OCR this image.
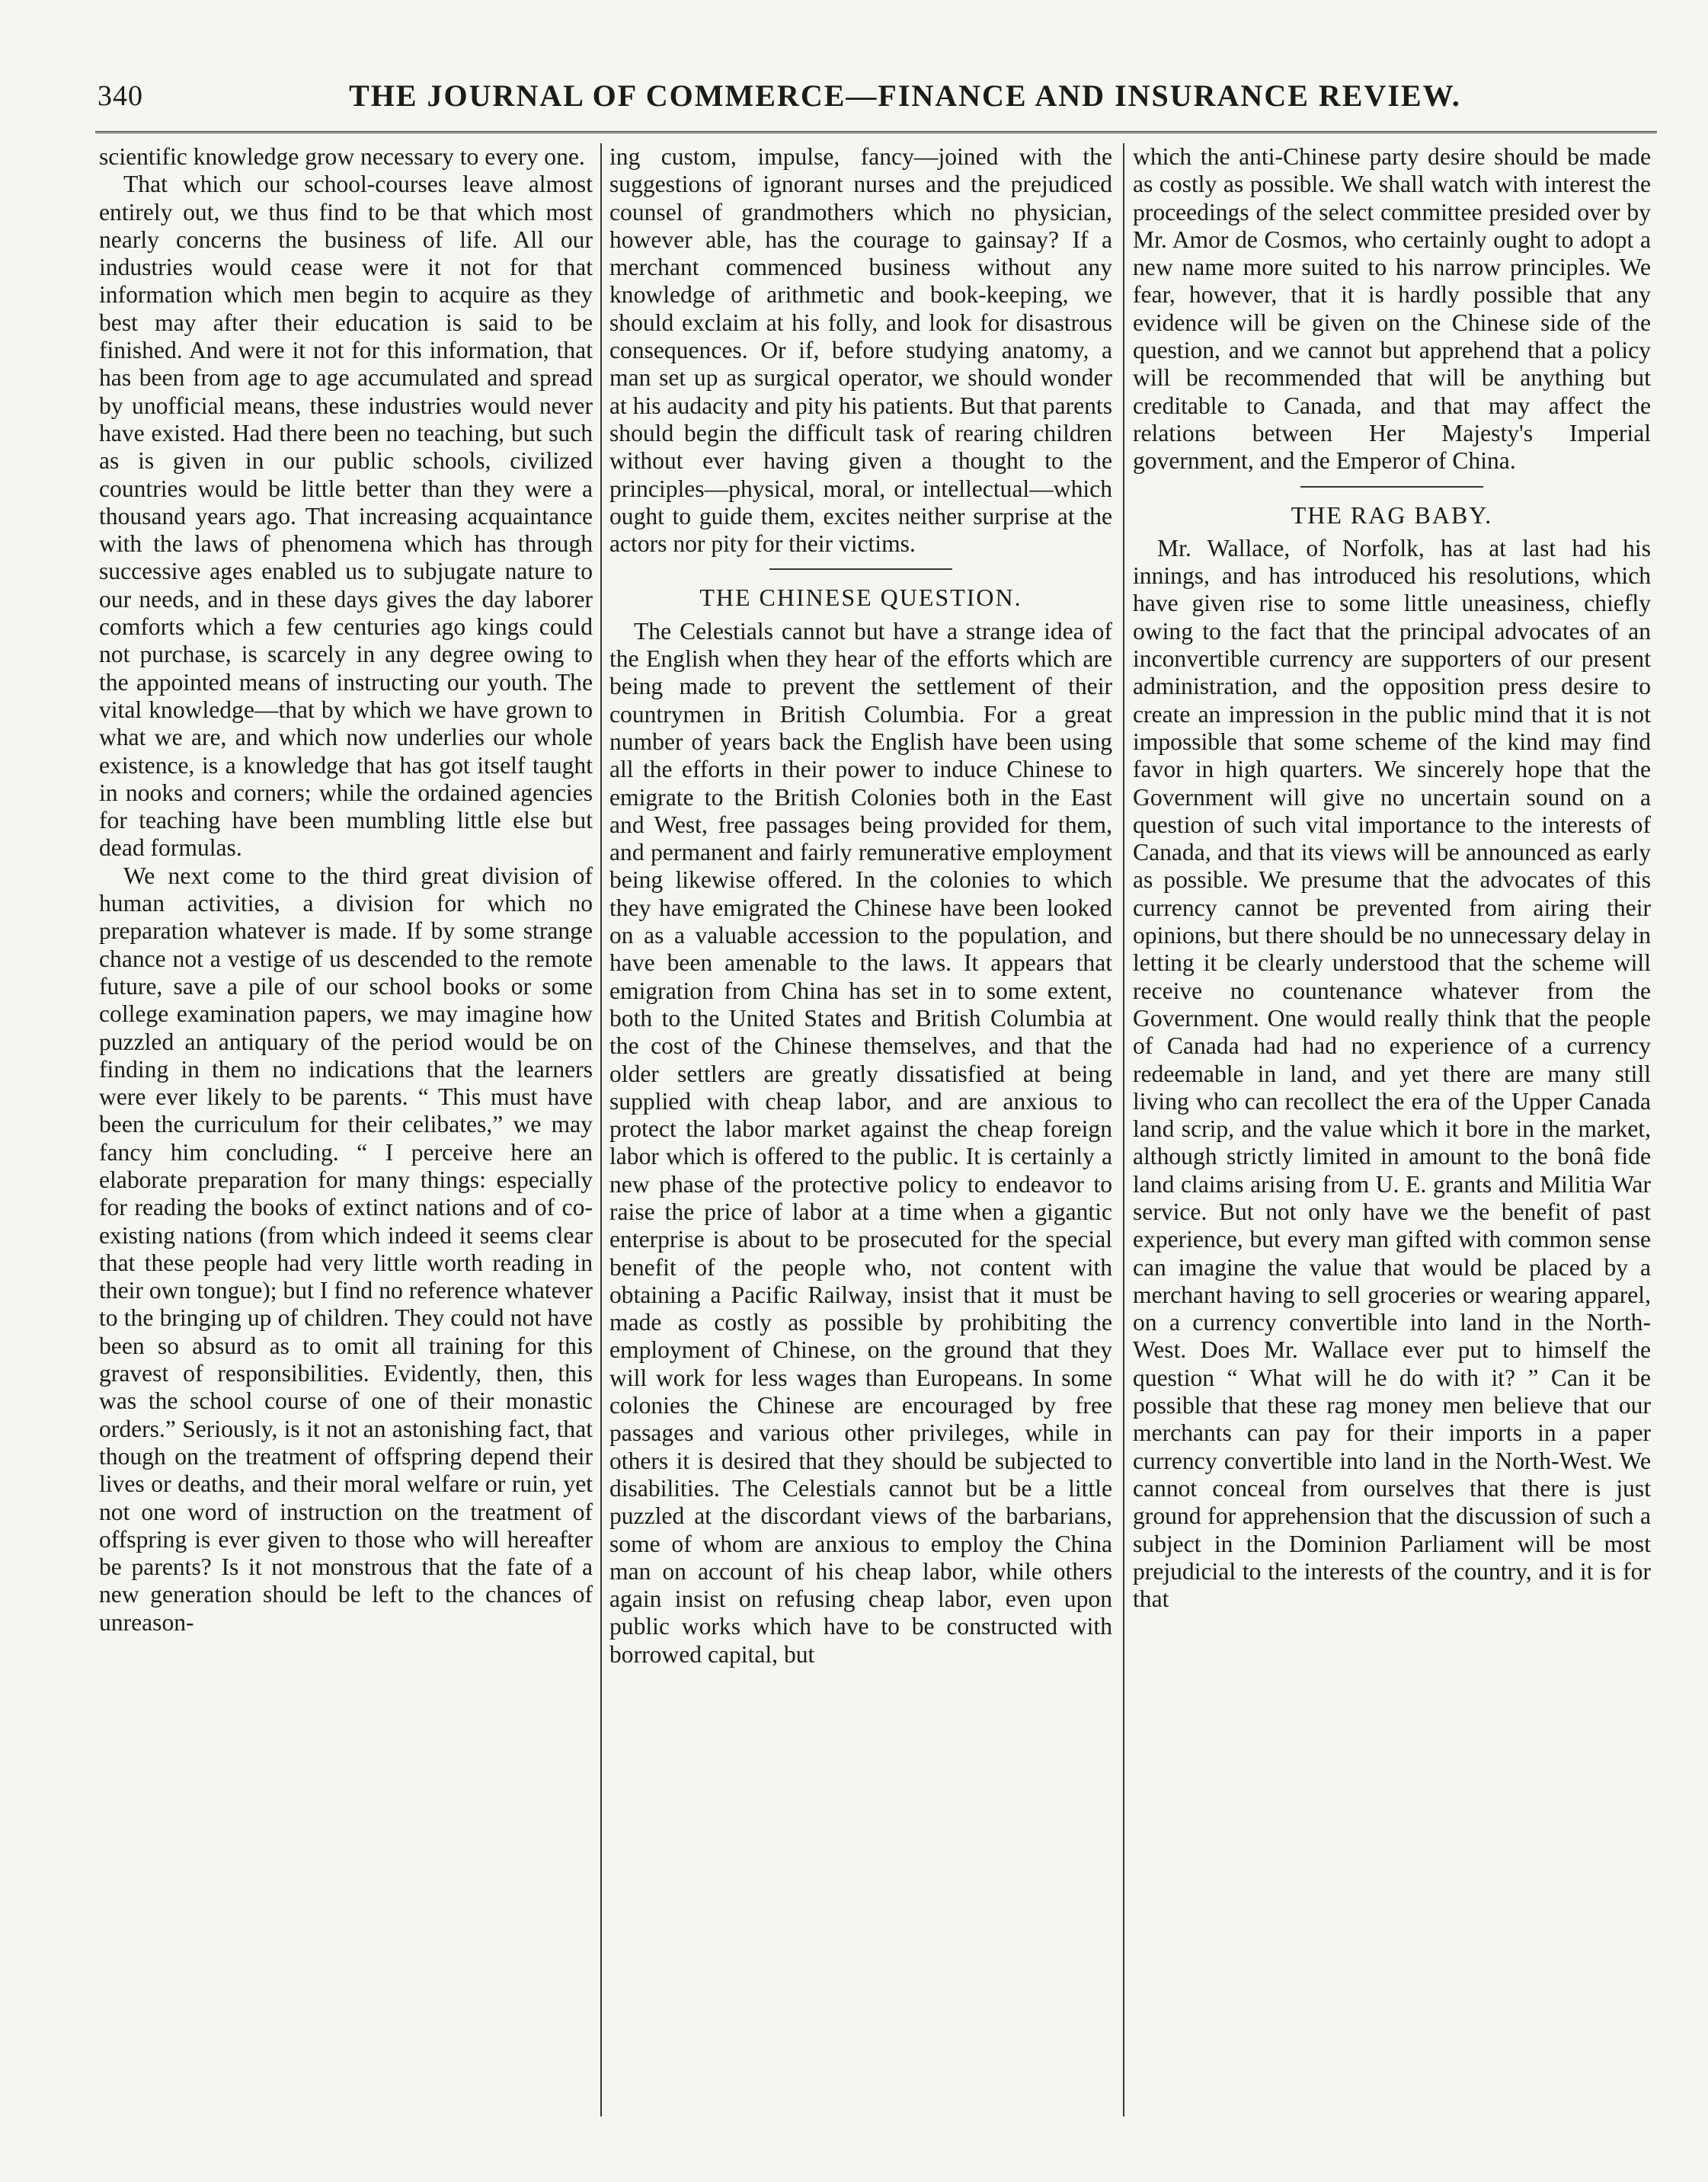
340	THE JOURNAL OF COMMERCE—FINANCE AND INSURANCE REVIEW.

scientific knowledge grow necessary to every one.

That which our school-courses leave almost entirely out, we thus find to be that which most nearly concerns the business of life. All our industries would cease were it not for that information which men begin to acquire as they best may after their education is said to be finished. And were it not for this information, that has been from age to age accumulated and spread by unofficial means, these industries would never have existed. Had there been no teaching, but such as is given in our public schools, civilized countries would be little better than they were a thousand years ago. That increasing acquaintance with the laws of phenomena which has through successive ages enabled us to subjugate nature to our needs, and in these days gives the day laborer comforts which a few centuries ago kings could not purchase, is scarcely in any degree owing to the appointed means of instructing our youth. The vital knowledge—that by which we have grown to what we are, and which now underlies our whole existence, is a knowledge that has got itself taught in nooks and corners; while the ordained agencies for teaching have been mumbling little else but dead formulas.

We next come to the third great division of human activities, a division for which no preparation whatever is made. If by some strange chance not a vestige of us descended to the remote future, save a pile of our school books or some college examination papers, we may imagine how puzzled an antiquary of the period would be on finding in them no indications that the learners were ever likely to be parents. “ This must have been the curriculum for their celibates,” we may fancy him concluding. “ I perceive here an elaborate preparation for many things: especially for reading the books of extinct nations and of co-existing nations (from which indeed it seems clear that these people had very little worth reading in their own tongue); but I find no reference whatever to the bringing up of children. They could not have been so absurd as to omit all training for this gravest of responsibilities. Evidently, then, this was the school course of one of their monastic orders.” Seriously, is it not an astonishing fact, that though on the treatment of offspring depend their lives or deaths, and their moral welfare or ruin, yet not one word of instruction on the treatment of offspring is ever given to those who will hereafter be parents? Is it not monstrous that the fate of a new generation should be left to the chances of unreason-

ing custom, impulse, fancy—joined with the suggestions of ignorant nurses and the prejudiced counsel of grandmothers which no physician, however able, has the courage to gainsay? If a merchant commenced business without any knowledge of arithmetic and book-keeping, we should exclaim at his folly, and look for disastrous consequences. Or if, before studying anatomy, a man set up as surgical operator, we should wonder at his audacity and pity his patients. But that parents should begin the difficult task of rearing children without ever having given a thought to the principles—physical, moral, or intellectual—which ought to guide them, excites neither surprise at the actors nor pity for their victims.

THE CHINESE QUESTION.

The Celestials cannot but have a strange idea of the English when they hear of the efforts which are being made to prevent the settlement of their countrymen in British Columbia. For a great number of years back the English have been using all the efforts in their power to induce Chinese to emigrate to the British Colonies both in the East and West, free passages being provided for them, and permanent and fairly remunerative employment being likewise offered. In the colonies to which they have emigrated the Chinese have been looked on as a valuable accession to the population, and have been amenable to the laws. It appears that emigration from China has set in to some extent, both to the United States and British Columbia at the cost of the Chinese themselves, and that the older settlers are greatly dissatisfied at being supplied with cheap labor, and are anxious to protect the labor market against the cheap foreign labor which is offered to the public. It is certainly a new phase of the protective policy to endeavor to raise the price of labor at a time when a gigantic enterprise is about to be prosecuted for the special benefit of the people who, not content with obtaining a Pacific Railway, insist that it must be made as costly as possible by prohibiting the employment of Chinese, on the ground that they will work for less wages than Europeans. In some colonies the Chinese are encouraged by free passages and various other privileges, while in others it is desired that they should be subjected to disabilities. The Celestials cannot but be a little puzzled at the discordant views of the barbarians, some of whom are anxious to employ the China man on account of his cheap labor, while others again insist on refusing cheap labor, even upon public works which have to be constructed with borrowed capital, but

which the anti-Chinese party desire should be made as costly as possible. We shall watch with interest the proceedings of the select committee presided over by Mr. Amor de Cosmos, who certainly ought to adopt a new name more suited to his narrow principles. We fear, however, that it is hardly possible that any evidence will be given on the Chinese side of the question, and we cannot but apprehend that a policy will be recommended that will be anything but creditable to Canada, and that may affect the relations between Her Majesty's Imperial government, and the Emperor of China.

THE RAG BABY.

Mr. Wallace, of Norfolk, has at last had his innings, and has introduced his resolutions, which have given rise to some little uneasiness, chiefly owing to the fact that the principal advocates of an inconvertible currency are supporters of our present administration, and the opposition press desire to create an impression in the public mind that it is not impossible that some scheme of the kind may find favor in high quarters. We sincerely hope that the Government will give no uncertain sound on a question of such vital importance to the interests of Canada, and that its views will be announced as early as possible. We presume that the advocates of this currency cannot be prevented from airing their opinions, but there should be no unnecessary delay in letting it be clearly understood that the scheme will receive no countenance whatever from the Government. One would really think that the people of Canada had had no experience of a currency redeemable in land, and yet there are many still living who can recollect the era of the Upper Canada land scrip, and the value which it bore in the market, although strictly limited in amount to the bonâ fide land claims arising from U. E. grants and Militia War service. But not only have we the benefit of past experience, but every man gifted with common sense can imagine the value that would be placed by a merchant having to sell groceries or wearing apparel, on a currency convertible into land in the North-West. Does Mr. Wallace ever put to himself the question “ What will he do with it? ” Can it be possible that these rag money men believe that our merchants can pay for their imports in a paper currency convertible into land in the North-West. We cannot conceal from ourselves that there is just ground for apprehension that the discussion of such a subject in the Dominion Parliament will be most prejudicial to the interests of the country, and it is for that
